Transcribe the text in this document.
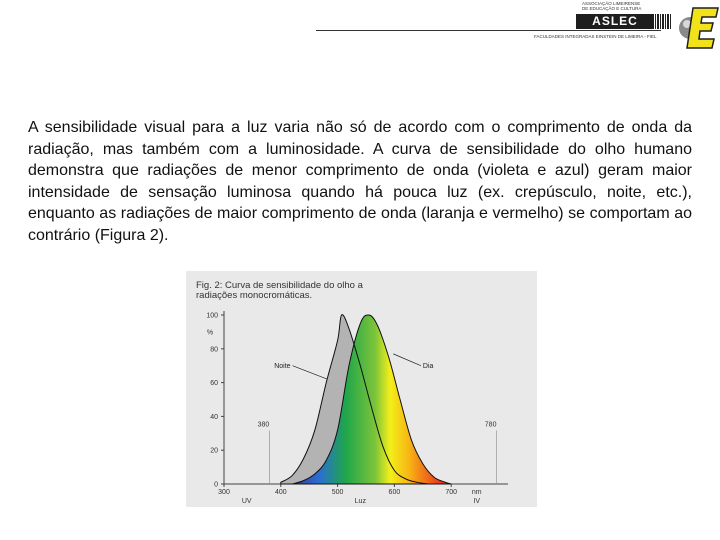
ASSOCIAÇÃO LIMEIRENSE
DE EDUCAÇÃO E CULTURA
ASLEC
FACULDADES INTEGRADAS EINSTEIN DE LIMEIRA - FIEL

A sensibilidade visual para a luz varia não só de acordo com o comprimento de onda da radiação, mas também com a luminosidade. A curva de sensibilidade do olho humano demonstra que radiações de menor comprimento de onda (violeta e azul) geram maior intensidade de sensação luminosa quando há pouca luz (ex. crepúsculo, noite, etc.), enquanto as radiações de maior comprimento de onda (laranja e vermelho) se comportam ao contrário (Figura 2).

300	400	500	600	700 nm
0
20
40
60
80
100
%
UV	Luz	IV
380	780
Noite	Dia
Fig. 2: Curva de sensibilidade do olho a
radiações monocromáticas.
